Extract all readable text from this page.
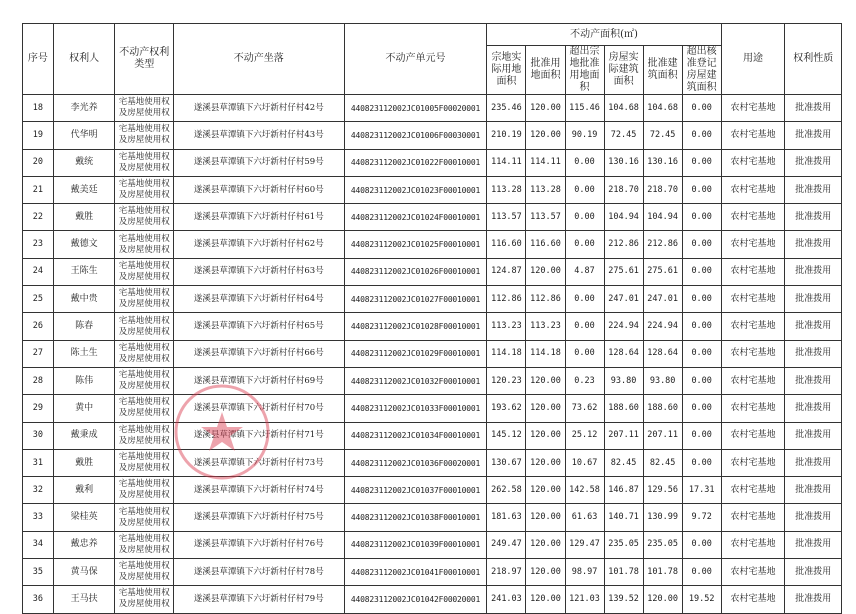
序号	权利人	不动产权利类型	不动产坐落	不动产单元号	不动产面积(㎡)						用途	权利性质
					宗地实际用地面积	批准用地面积	超出宗地批准用地面积	房屋实际建筑面积	批准建筑面积	超出核准登记房屋建筑面积		
18	李光养	宅基地使用权及房屋使用权	遂溪县草潭镇下六圩新村仔村42号	440823112002JC01005F00020001	235.46	120.00	115.46	104.68	104.68	0.00	农村宅基地	批准拨用
19	代华明	宅基地使用权及房屋使用权	遂溪县草潭镇下六圩新村仔村43号	440823112002JC01006F00030001	210.19	120.00	90.19	72.45	72.45	0.00	农村宅基地	批准拨用
20	戴统	宅基地使用权及房屋使用权	遂溪县草潭镇下六圩新村仔村59号	440823112002JC01022F00010001	114.11	114.11	0.00	130.16	130.16	0.00	农村宅基地	批准拨用
21	戴美廷	宅基地使用权及房屋使用权	遂溪县草潭镇下六圩新村仔村60号	440823112002JC01023F00010001	113.28	113.28	0.00	218.70	218.70	0.00	农村宅基地	批准拨用
22	戴胜	宅基地使用权及房屋使用权	遂溪县草潭镇下六圩新村仔村61号	440823112002JC01024F00010001	113.57	113.57	0.00	104.94	104.94	0.00	农村宅基地	批准拨用
23	戴德文	宅基地使用权及房屋使用权	遂溪县草潭镇下六圩新村仔村62号	440823112002JC01025F00010001	116.60	116.60	0.00	212.86	212.86	0.00	农村宅基地	批准拨用
24	王陈生	宅基地使用权及房屋使用权	遂溪县草潭镇下六圩新村仔村63号	440823112002JC01026F00010001	124.87	120.00	4.87	275.61	275.61	0.00	农村宅基地	批准拨用
25	戴中贵	宅基地使用权及房屋使用权	遂溪县草潭镇下六圩新村仔村64号	440823112002JC01027F00010001	112.86	112.86	0.00	247.01	247.01	0.00	农村宅基地	批准拨用
26	陈春	宅基地使用权及房屋使用权	遂溪县草潭镇下六圩新村仔村65号	440823112002JC01028F00010001	113.23	113.23	0.00	224.94	224.94	0.00	农村宅基地	批准拨用
27	陈土生	宅基地使用权及房屋使用权	遂溪县草潭镇下六圩新村仔村66号	440823112002JC01029F00010001	114.18	114.18	0.00	128.64	128.64	0.00	农村宅基地	批准拨用
28	陈伟	宅基地使用权及房屋使用权	遂溪县草潭镇下六圩新村仔村69号	440823112002JC01032F00010001	120.23	120.00	0.23	93.80	93.80	0.00	农村宅基地	批准拨用
29	黄中	宅基地使用权及房屋使用权	遂溪县草潭镇下六圩新村仔村70号	440823112002JC01033F00010001	193.62	120.00	73.62	188.60	188.60	0.00	农村宅基地	批准拨用
30	戴秉成	宅基地使用权及房屋使用权	遂溪县草潭镇下六圩新村仔村71号	440823112002JC01034F00010001	145.12	120.00	25.12	207.11	207.11	0.00	农村宅基地	批准拨用
31	戴胜	宅基地使用权及房屋使用权	遂溪县草潭镇下六圩新村仔村73号	440823112002JC01036F00020001	130.67	120.00	10.67	82.45	82.45	0.00	农村宅基地	批准拨用
32	戴利	宅基地使用权及房屋使用权	遂溪县草潭镇下六圩新村仔村74号	440823112002JC01037F00010001	262.58	120.00	142.58	146.87	129.56	17.31	农村宅基地	批准拨用
33	梁桂英	宅基地使用权及房屋使用权	遂溪县草潭镇下六圩新村仔村75号	440823112002JC01038F00010001	181.63	120.00	61.63	140.71	130.99	9.72	农村宅基地	批准拨用
34	戴忠养	宅基地使用权及房屋使用权	遂溪县草潭镇下六圩新村仔村76号	440823112002JC01039F00010001	249.47	120.00	129.47	235.05	235.05	0.00	农村宅基地	批准拨用
35	黄马保	宅基地使用权及房屋使用权	遂溪县草潭镇下六圩新村仔村78号	440823112002JC01041F00010001	218.97	120.00	98.97	101.78	101.78	0.00	农村宅基地	批准拨用
36	王马扶	宅基地使用权及房屋使用权	遂溪县草潭镇下六圩新村仔村79号	440823112002JC01042F00020001	241.03	120.00	121.03	139.52	120.00	19.52	农村宅基地	批准拨用
